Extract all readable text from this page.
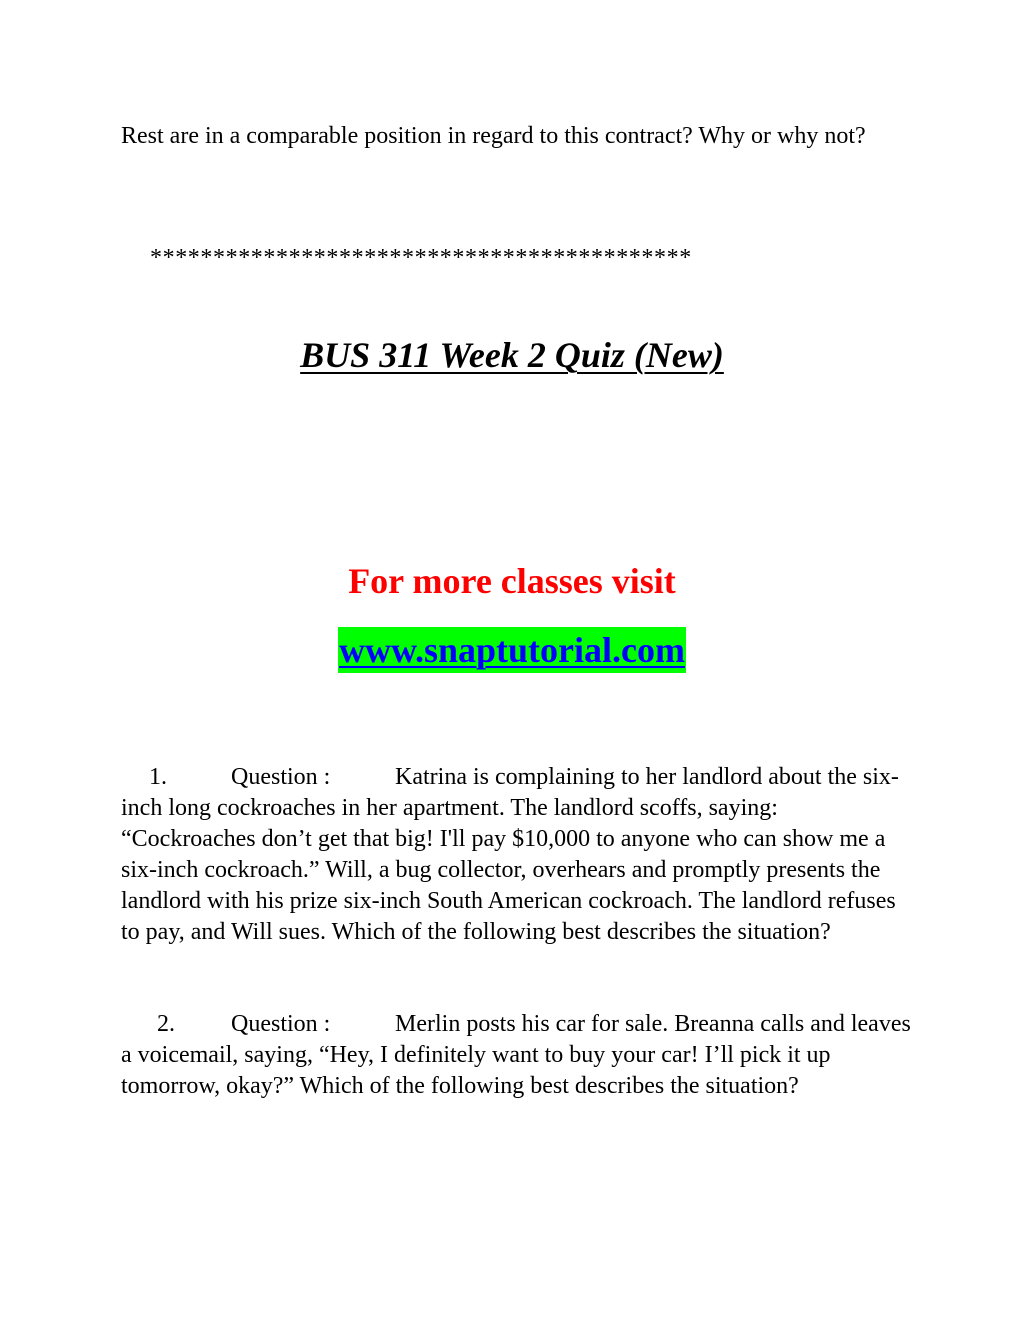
Rest are in a comparable position in regard to this contract? Why or why not?

*******************************************
BUS 311 Week 2 Quiz (New)
For more classes visit
www.snaptutorial.com

1.	Question :	Katrina is complaining to her landlord about the six-inch long cockroaches in her apartment. The landlord scoffs, saying: “Cockroaches don’t get that big! I'll pay $10,000 to anyone who can show me a six-inch cockroach.” Will, a bug collector, overhears and promptly presents the landlord with his prize six-inch South American cockroach. The landlord refuses to pay, and Will sues. Which of the following best describes the situation?

2. Question :	Merlin posts his car for sale. Breanna calls and leaves a voicemail, saying, “Hey, I definitely want to buy your car! I’ll pick it up tomorrow, okay?” Which of the following best describes the situation?
